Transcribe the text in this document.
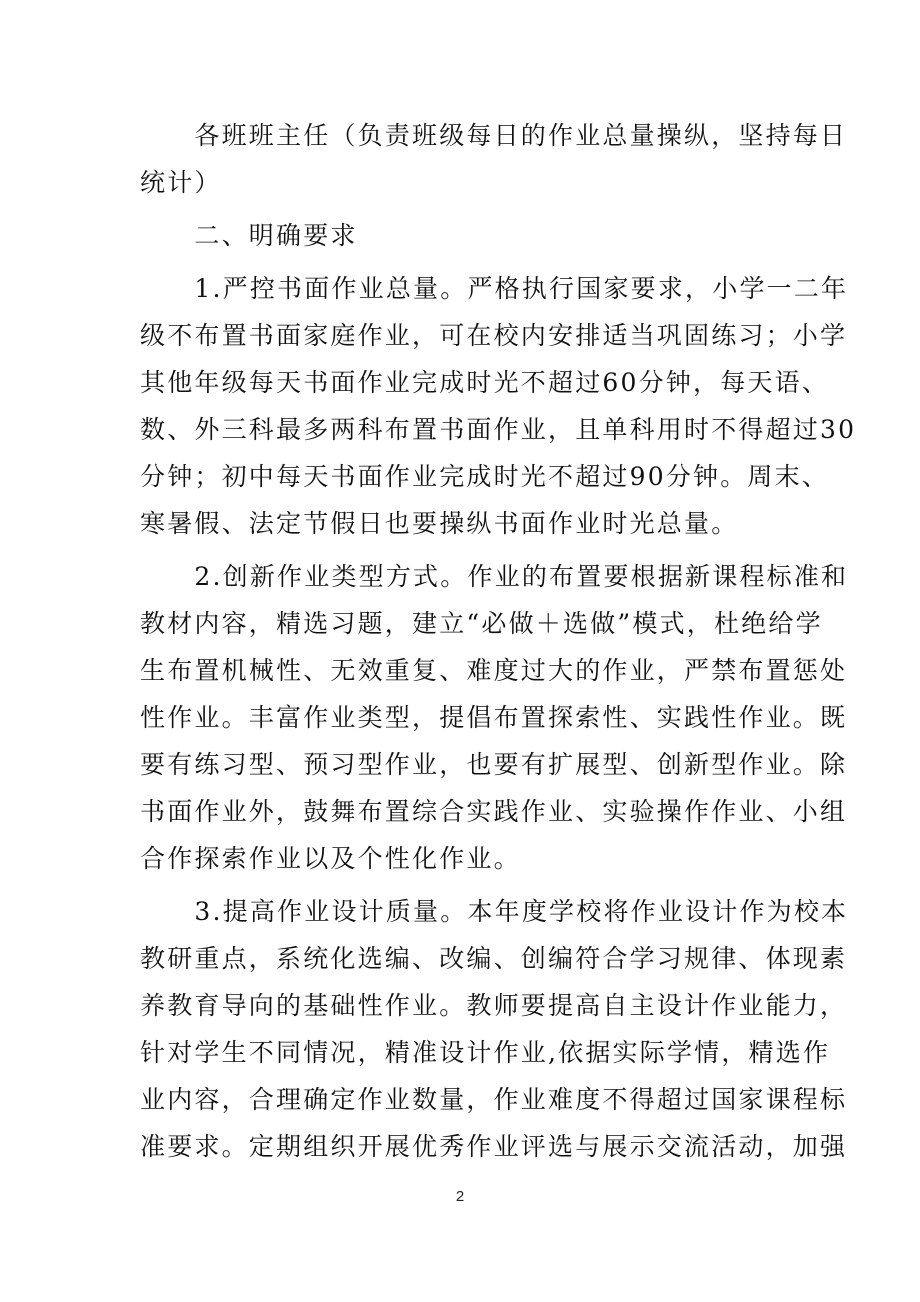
　　各班班主任（负责班级每日的作业总量操纵，坚持每日
统计）
　　二、明确要求
　　1.严控书面作业总量。严格执行国家要求，小学一二年
级不布置书面家庭作业，可在校内安排适当巩固练习；小学
其他年级每天书面作业完成时光不超过60分钟，每天语、
数、外三科最多两科布置书面作业，且单科用时不得超过30
分钟；初中每天书面作业完成时光不超过90分钟。周末、
寒暑假、法定节假日也要操纵书面作业时光总量。
　　2.创新作业类型方式。作业的布置要根据新课程标准和
教材内容，精选习题，建立“必做＋选做”模式，杜绝给学
生布置机械性、无效重复、难度过大的作业，严禁布置惩处
性作业。丰富作业类型，提倡布置探索性、实践性作业。既
要有练习型、预习型作业，也要有扩展型、创新型作业。除
书面作业外，鼓舞布置综合实践作业、实验操作作业、小组
合作探索作业以及个性化作业。
　　3.提高作业设计质量。本年度学校将作业设计作为校本
教研重点，系统化选编、改编、创编符合学习规律、体现素
养教育导向的基础性作业。教师要提高自主设计作业能力，
针对学生不同情况，精准设计作业,依据实际学情，精选作
业内容，合理确定作业数量，作业难度不得超过国家课程标
准要求。定期组织开展优秀作业评选与展示交流活动，加强
2
